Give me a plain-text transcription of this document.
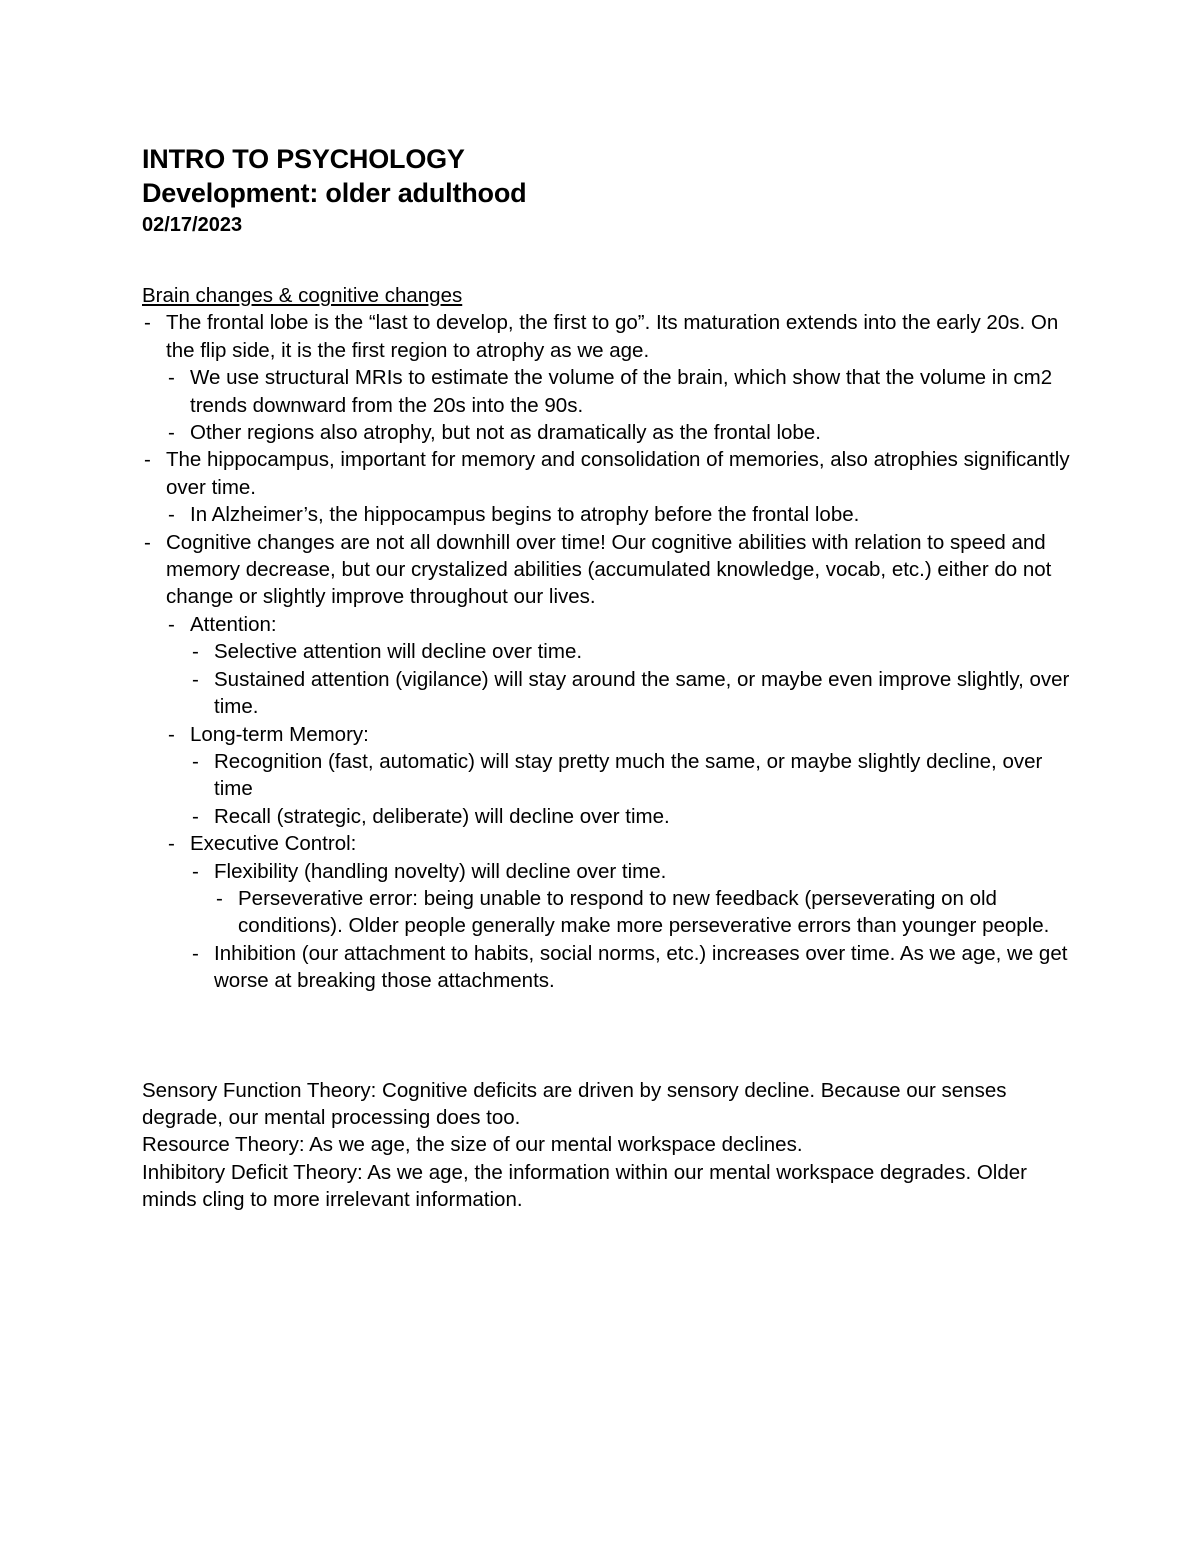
INTRO TO PSYCHOLOGY
Development: older adulthood
02/17/2023
Brain changes & cognitive changes
- The frontal lobe is the “last to develop, the first to go”. Its maturation extends into the early 20s. On the flip side, it is the first region to atrophy as we age.
- We use structural MRIs to estimate the volume of the brain, which show that the volume in cm2 trends downward from the 20s into the 90s.
- Other regions also atrophy, but not as dramatically as the frontal lobe.
- The hippocampus, important for memory and consolidation of memories, also atrophies significantly over time.
- In Alzheimer’s, the hippocampus begins to atrophy before the frontal lobe.
- Cognitive changes are not all downhill over time! Our cognitive abilities with relation to speed and memory decrease, but our crystalized abilities (accumulated knowledge, vocab, etc.) either do not change or slightly improve throughout our lives.
- Attention:
- Selective attention will decline over time.
- Sustained attention (vigilance) will stay around the same, or maybe even improve slightly, over time.
- Long-term Memory:
- Recognition (fast, automatic) will stay pretty much the same, or maybe slightly decline, over time
- Recall (strategic, deliberate) will decline over time.
- Executive Control:
- Flexibility (handling novelty) will decline over time.
- Perseverative error: being unable to respond to new feedback (perseverating on old conditions). Older people generally make more perseverative errors than younger people.
- Inhibition (our attachment to habits, social norms, etc.) increases over time. As we age, we get worse at breaking those attachments.

Sensory Function Theory: Cognitive deficits are driven by sensory decline. Because our senses degrade, our mental processing does too.

Resource Theory: As we age, the size of our mental workspace declines.

Inhibitory Deficit Theory: As we age, the information within our mental workspace degrades. Older minds cling to more irrelevant information.
